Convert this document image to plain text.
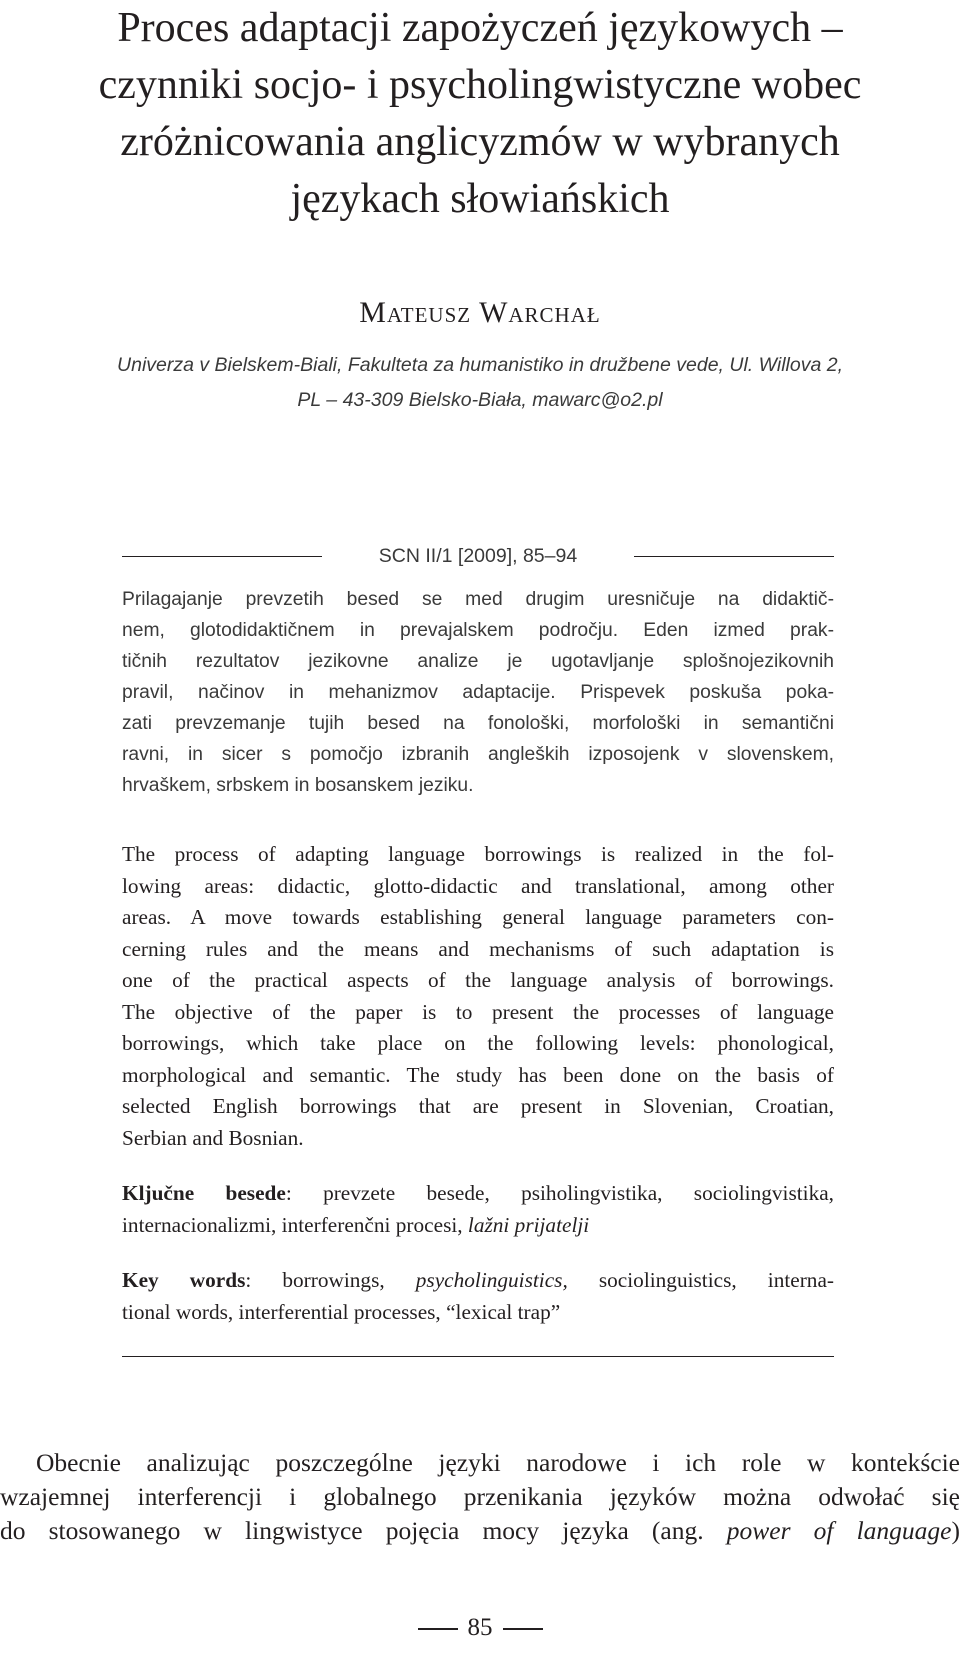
Proces adaptacji zapożyczeń językowych –
czynniki socjo- i psycholingwistyczne wobec
zróżnicowania anglicyzmów w wybranych
językach słowiańskich
Mateusz Warchał
Univerza v Bielskem-Biali, Fakulteta za humanistiko in družbene vede, Ul. Willova 2,
PL – 43-309 Bielsko-Biała, mawarc@o2.pl
SCN II/1 [2009], 85–94
Prilagajanje prevzetih besed se med drugim uresničuje na didaktič-
nem, glotodidaktičnem in prevajalskem področju. Eden izmed prak-
tičnih rezultatov jezikovne analize je ugotavljanje splošnojezikovnih
pravil, načinov in mehanizmov adaptacije. Prispevek poskuša poka-
zati prevzemanje tujih besed na fonološki, morfološki in semantični
ravni, in sicer s pomočjo izbranih angleških izposojenk v slovenskem,
hrvaškem, srbskem in bosanskem jeziku.
The process of adapting language borrowings is realized in the fol-
lowing areas: didactic, glotto-didactic and translational, among other
areas. A move towards establishing general language parameters con-
cerning rules and the means and mechanisms of such adaptation is
one of the practical aspects of the language analysis of borrowings.
The objective of the paper is to present the processes of language
borrowings, which take place on the following levels: phonological,
morphological and semantic. The study has been done on the basis of
selected English borrowings that are present in Slovenian, Croatian,
Serbian and Bosnian.
Ključne besede: prevzete besede, psiholingvistika, sociolingvistika,
internacionalizmi, interferenčni procesi, lažni prijatelji
Key words: borrowings, psycholinguistics, sociolinguistics, interna-
tional words, interferential processes, “lexical trap”
Obecnie analizując poszczególne języki narodowe i ich role w kontekście
wzajemnej interferencji i globalnego przenikania języków można odwołać się
do stosowanego w lingwistyce pojęcia mocy języka (ang. power of language)
85
